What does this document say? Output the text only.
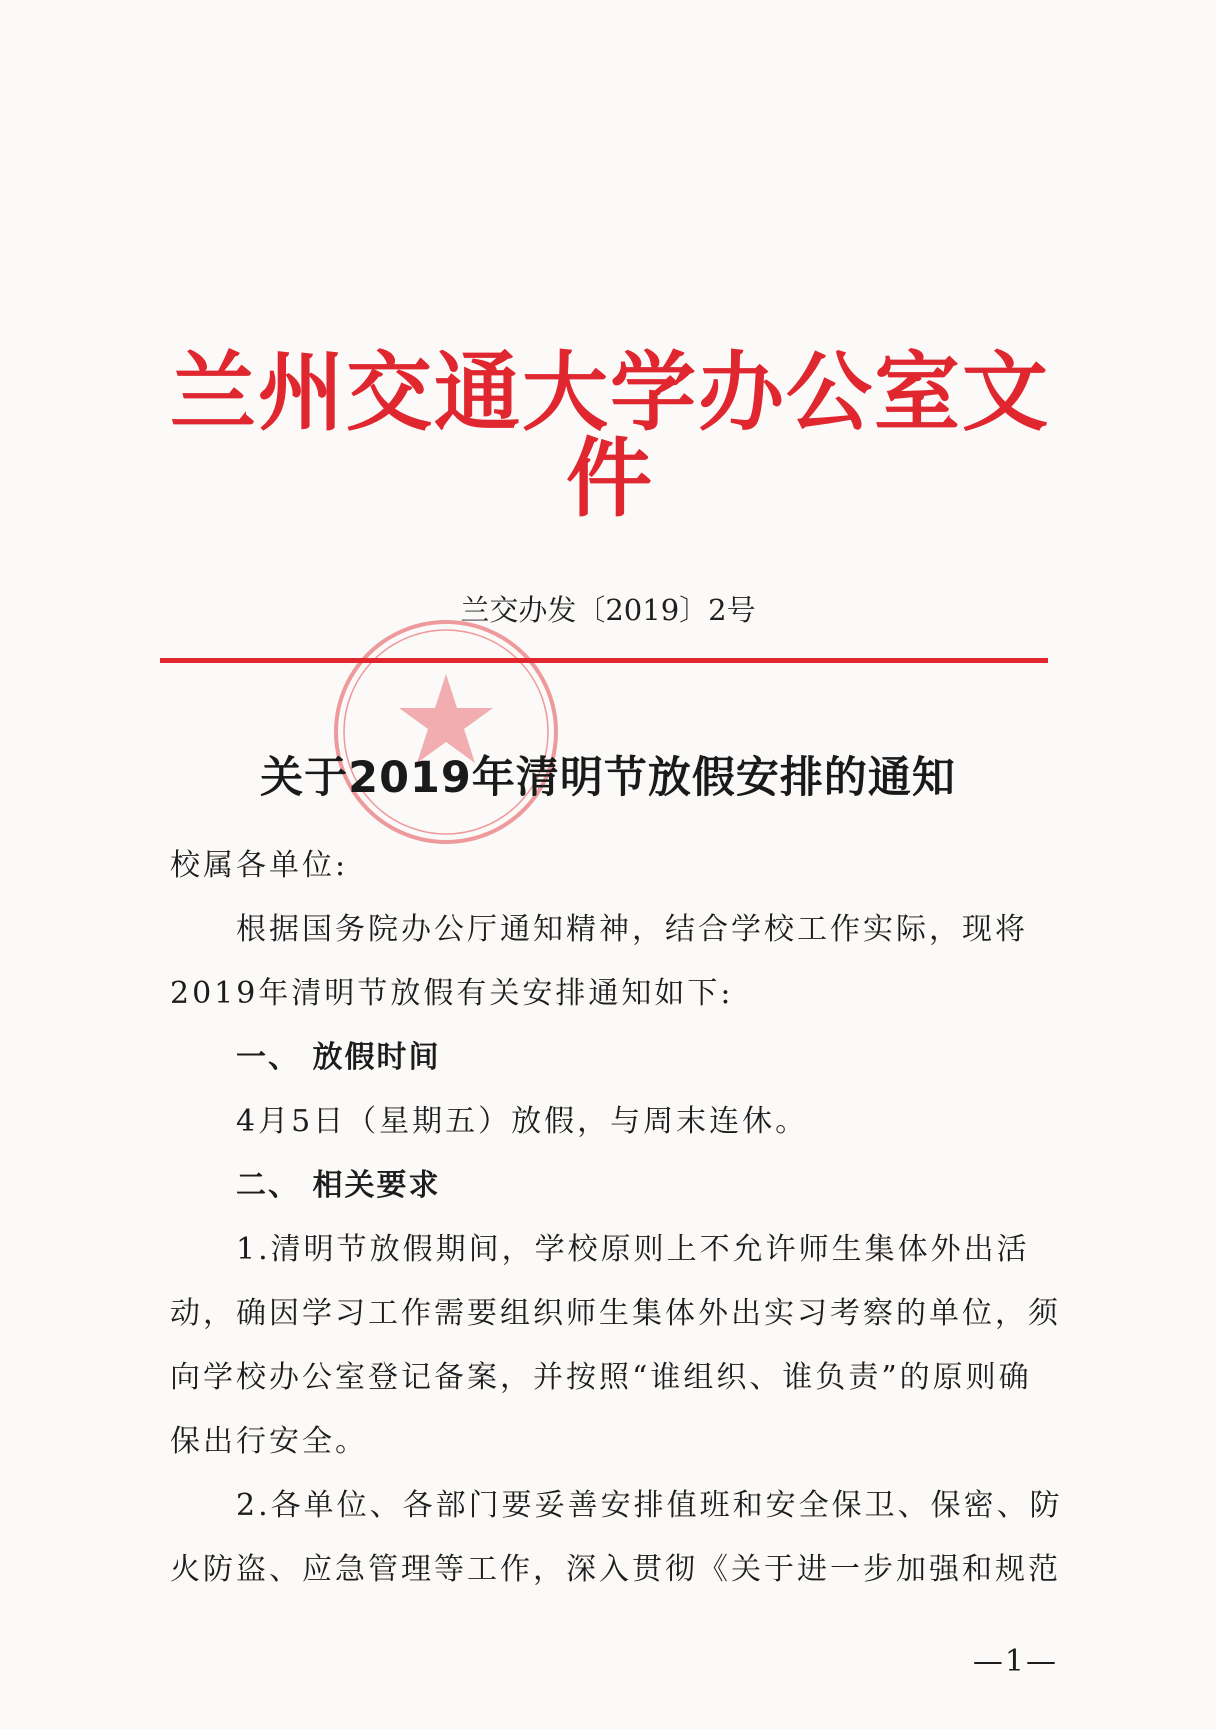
兰州交通大学办公室文件
兰交办发〔2019〕2号
关于2019年清明节放假安排的通知
校属各单位:
根据国务院办公厅通知精神，结合学校工作实际，现将
2019年清明节放假有关安排通知如下:
一、 放假时间
4月5日（星期五）放假，与周末连休。
二、 相关要求
1.清明节放假期间，学校原则上不允许师生集体外出活
动，确因学习工作需要组织师生集体外出实习考察的单位，须
向学校办公室登记备案，并按照“谁组织、谁负责”的原则确
保出行安全。
2.各单位、各部门要妥善安排值班和安全保卫、保密、防
火防盗、应急管理等工作，深入贯彻《关于进一步加强和规范
—1—
